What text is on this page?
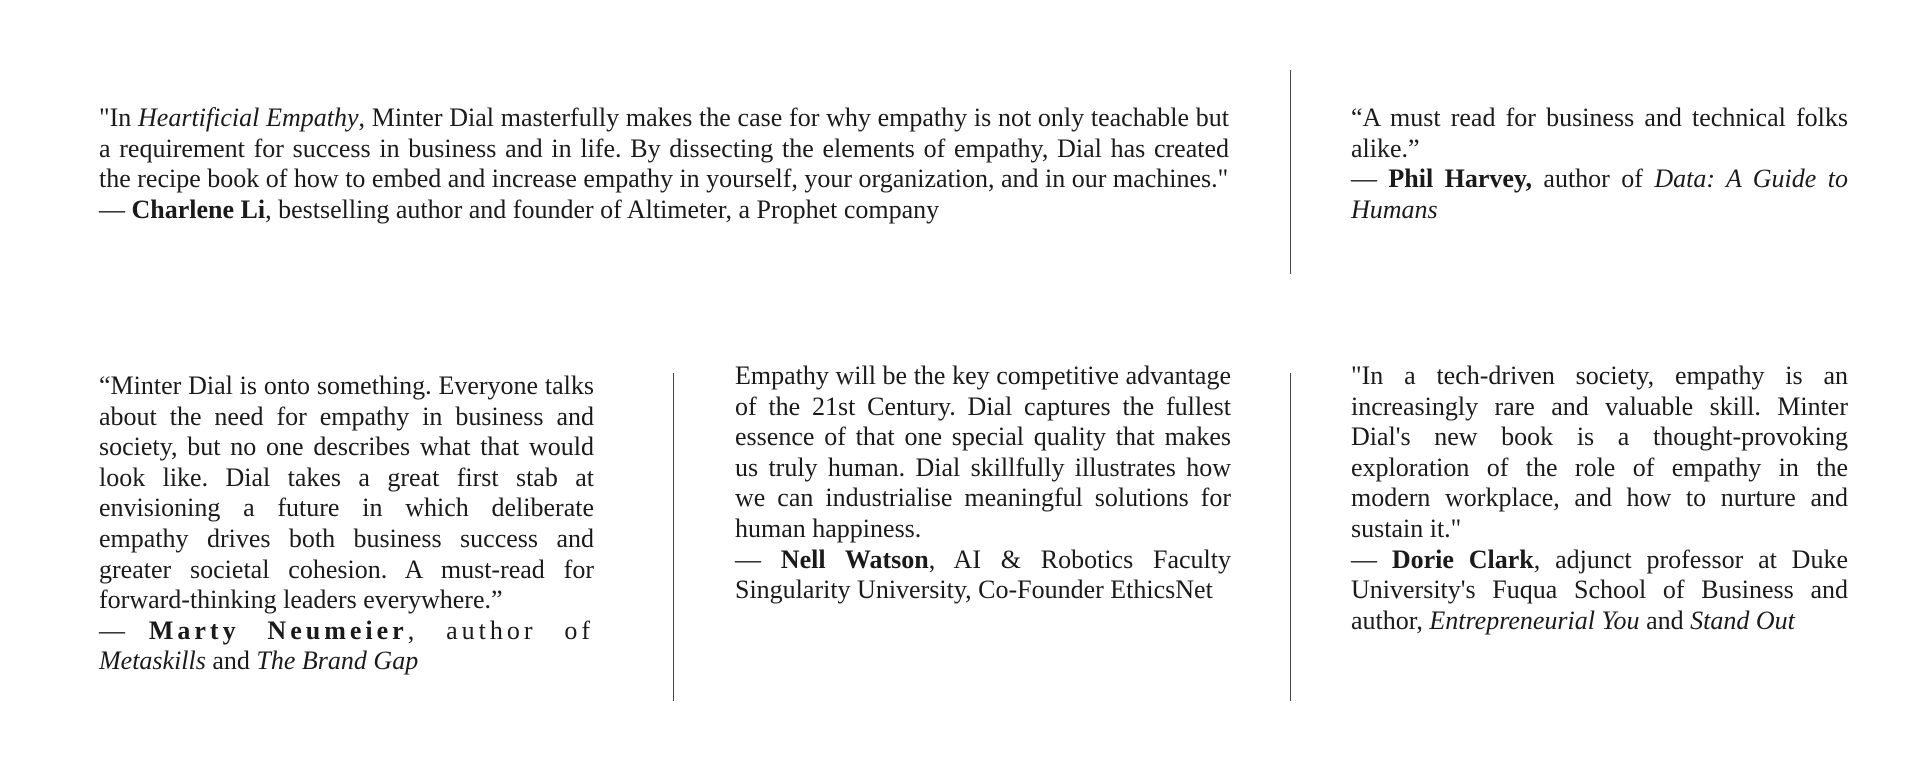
"In Heartificial Empathy, Minter Dial masterfully makes the case for why empathy is not only teachable but a requirement for success in business and in life. By dissecting the elements of empathy, Dial has created the recipe book of how to embed and increase empathy in yourself, your organization, and in our machines."

— Charlene Li, bestselling author and founder of Altimeter, a Prophet company

“A must read for business and technical folks alike.”

— Phil Harvey, author of Data: A Guide to Humans

“Minter Dial is onto something. Everyone talks about the need for empathy in business and society, but no one describes what that would look like. Dial takes a great first stab at envisioning a future in which deliberate empathy drives both business success and greater societal cohesion. A must-read for forward-thinking leaders everywhere.”

— Marty Neumeier, author of Metaskills and The Brand Gap

Empathy will be the key competitive advantage of the 21st Century. Dial captures the fullest essence of that one special quality that makes us truly human. Dial skillfully illustrates how we can industrialise meaningful solutions for human happiness.

— Nell Watson, AI & Robotics Faculty Singularity University, Co-Founder EthicsNet

"In a tech-driven society, empathy is an increasingly rare and valuable skill. Minter Dial's new book is a thought-provoking exploration of the role of empathy in the modern workplace, and how to nurture and sustain it."

— Dorie Clark, adjunct professor at Duke University's Fuqua School of Business and author, Entrepreneurial You and Stand Out
